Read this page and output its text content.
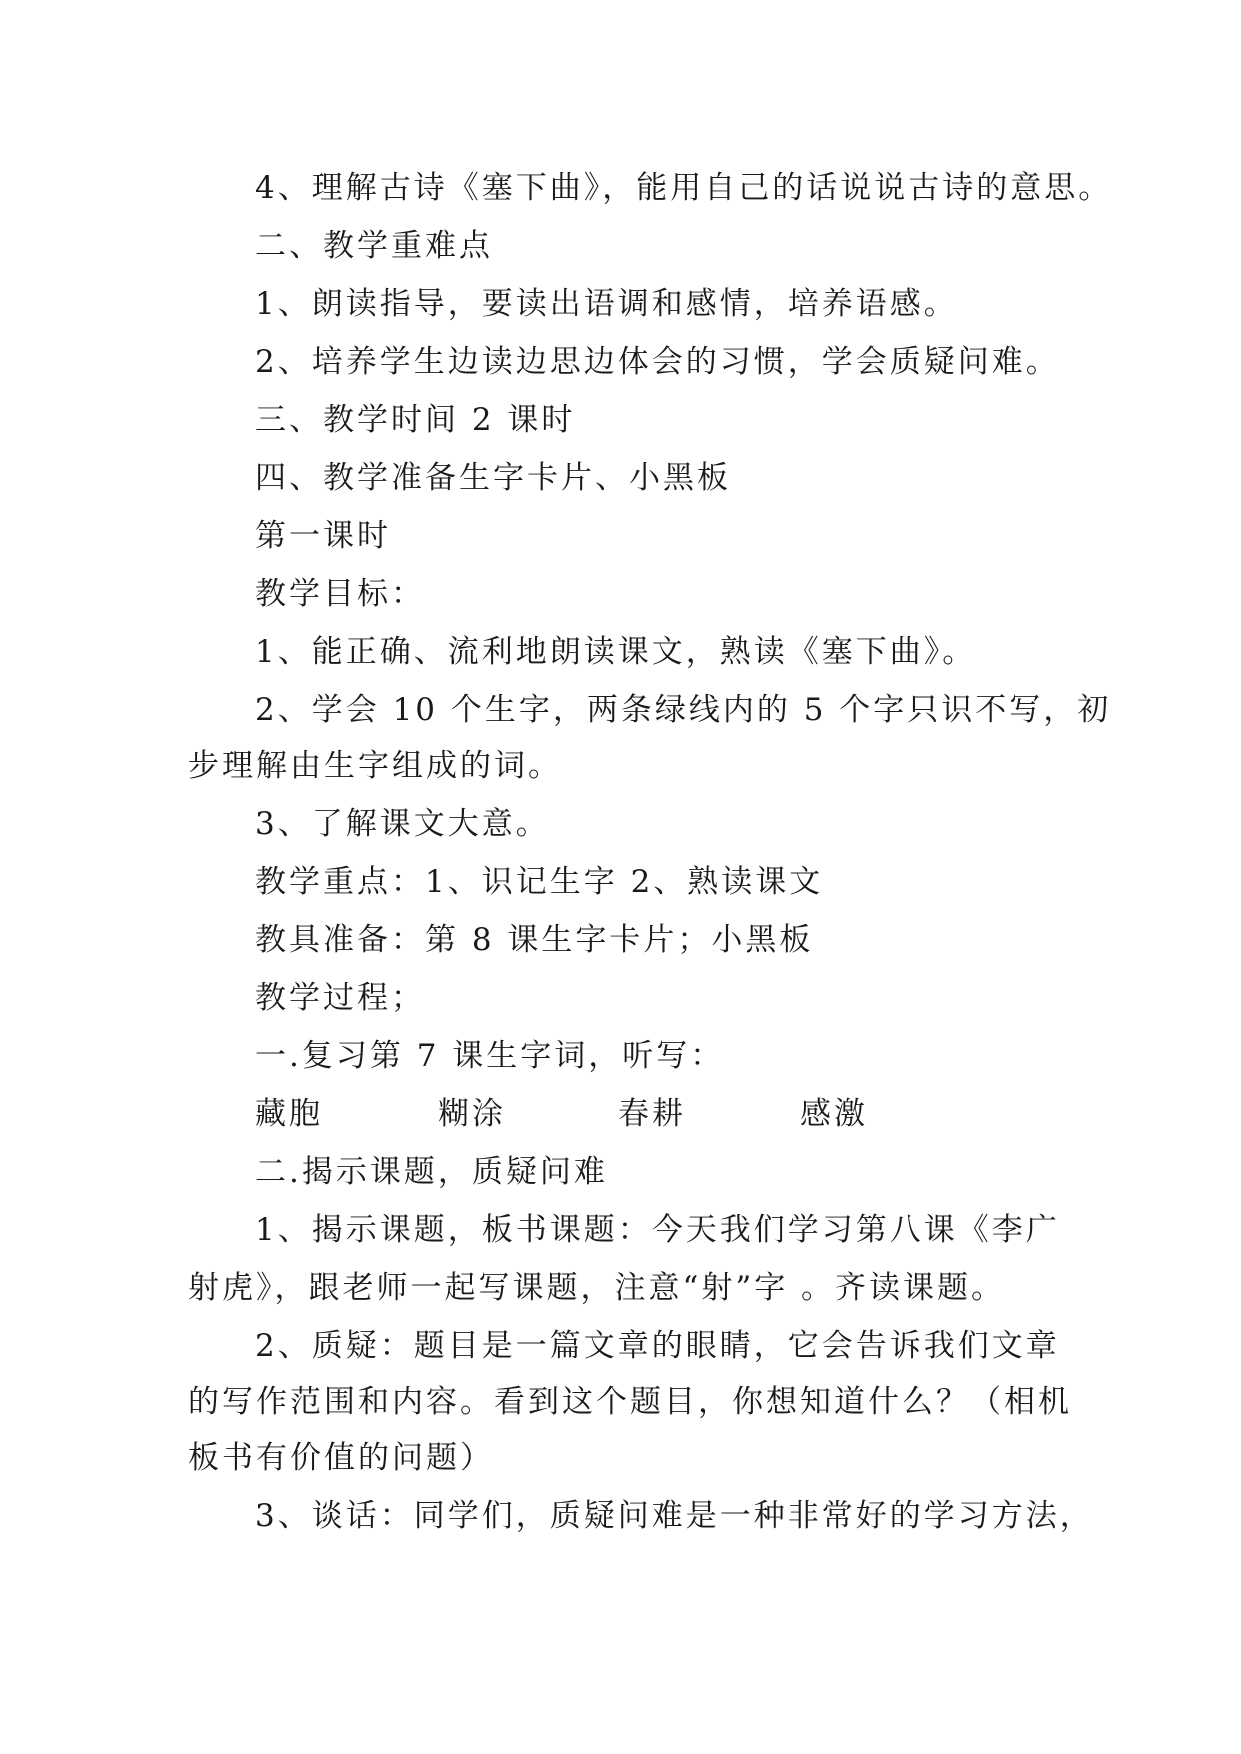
4、理解古诗《塞下曲》，能用自己的话说说古诗的意思。
二、教学重难点
1、朗读指导，要读出语调和感情，培养语感。
2、培养学生边读边思边体会的习惯，学会质疑问难。
三、教学时间 2 课时
四、教学准备生字卡片、小黑板
第一课时
教学目标：
1、能正确、流利地朗读课文，熟读《塞下曲》。
2、学会 10 个生字，两条绿线内的 5 个字只识不写，初
步理解由生字组成的词。
3、了解课文大意。
教学重点：1、识记生字 2、熟读课文
教具准备：第 8 课生字卡片；小黑板
教学过程；
一.复习第 7 课生字词，听写：
藏胞	糊涂	春耕	感激
二.揭示课题，质疑问难
1、揭示课题，板书课题：今天我们学习第八课《李广
射虎》，跟老师一起写课题，注意“射”字 。齐读课题。
2、质疑：题目是一篇文章的眼睛，它会告诉我们文章
的写作范围和内容。看到这个题目，你想知道什么？（相机
板书有价值的问题）
3、谈话：同学们，质疑问难是一种非常好的学习方法，
